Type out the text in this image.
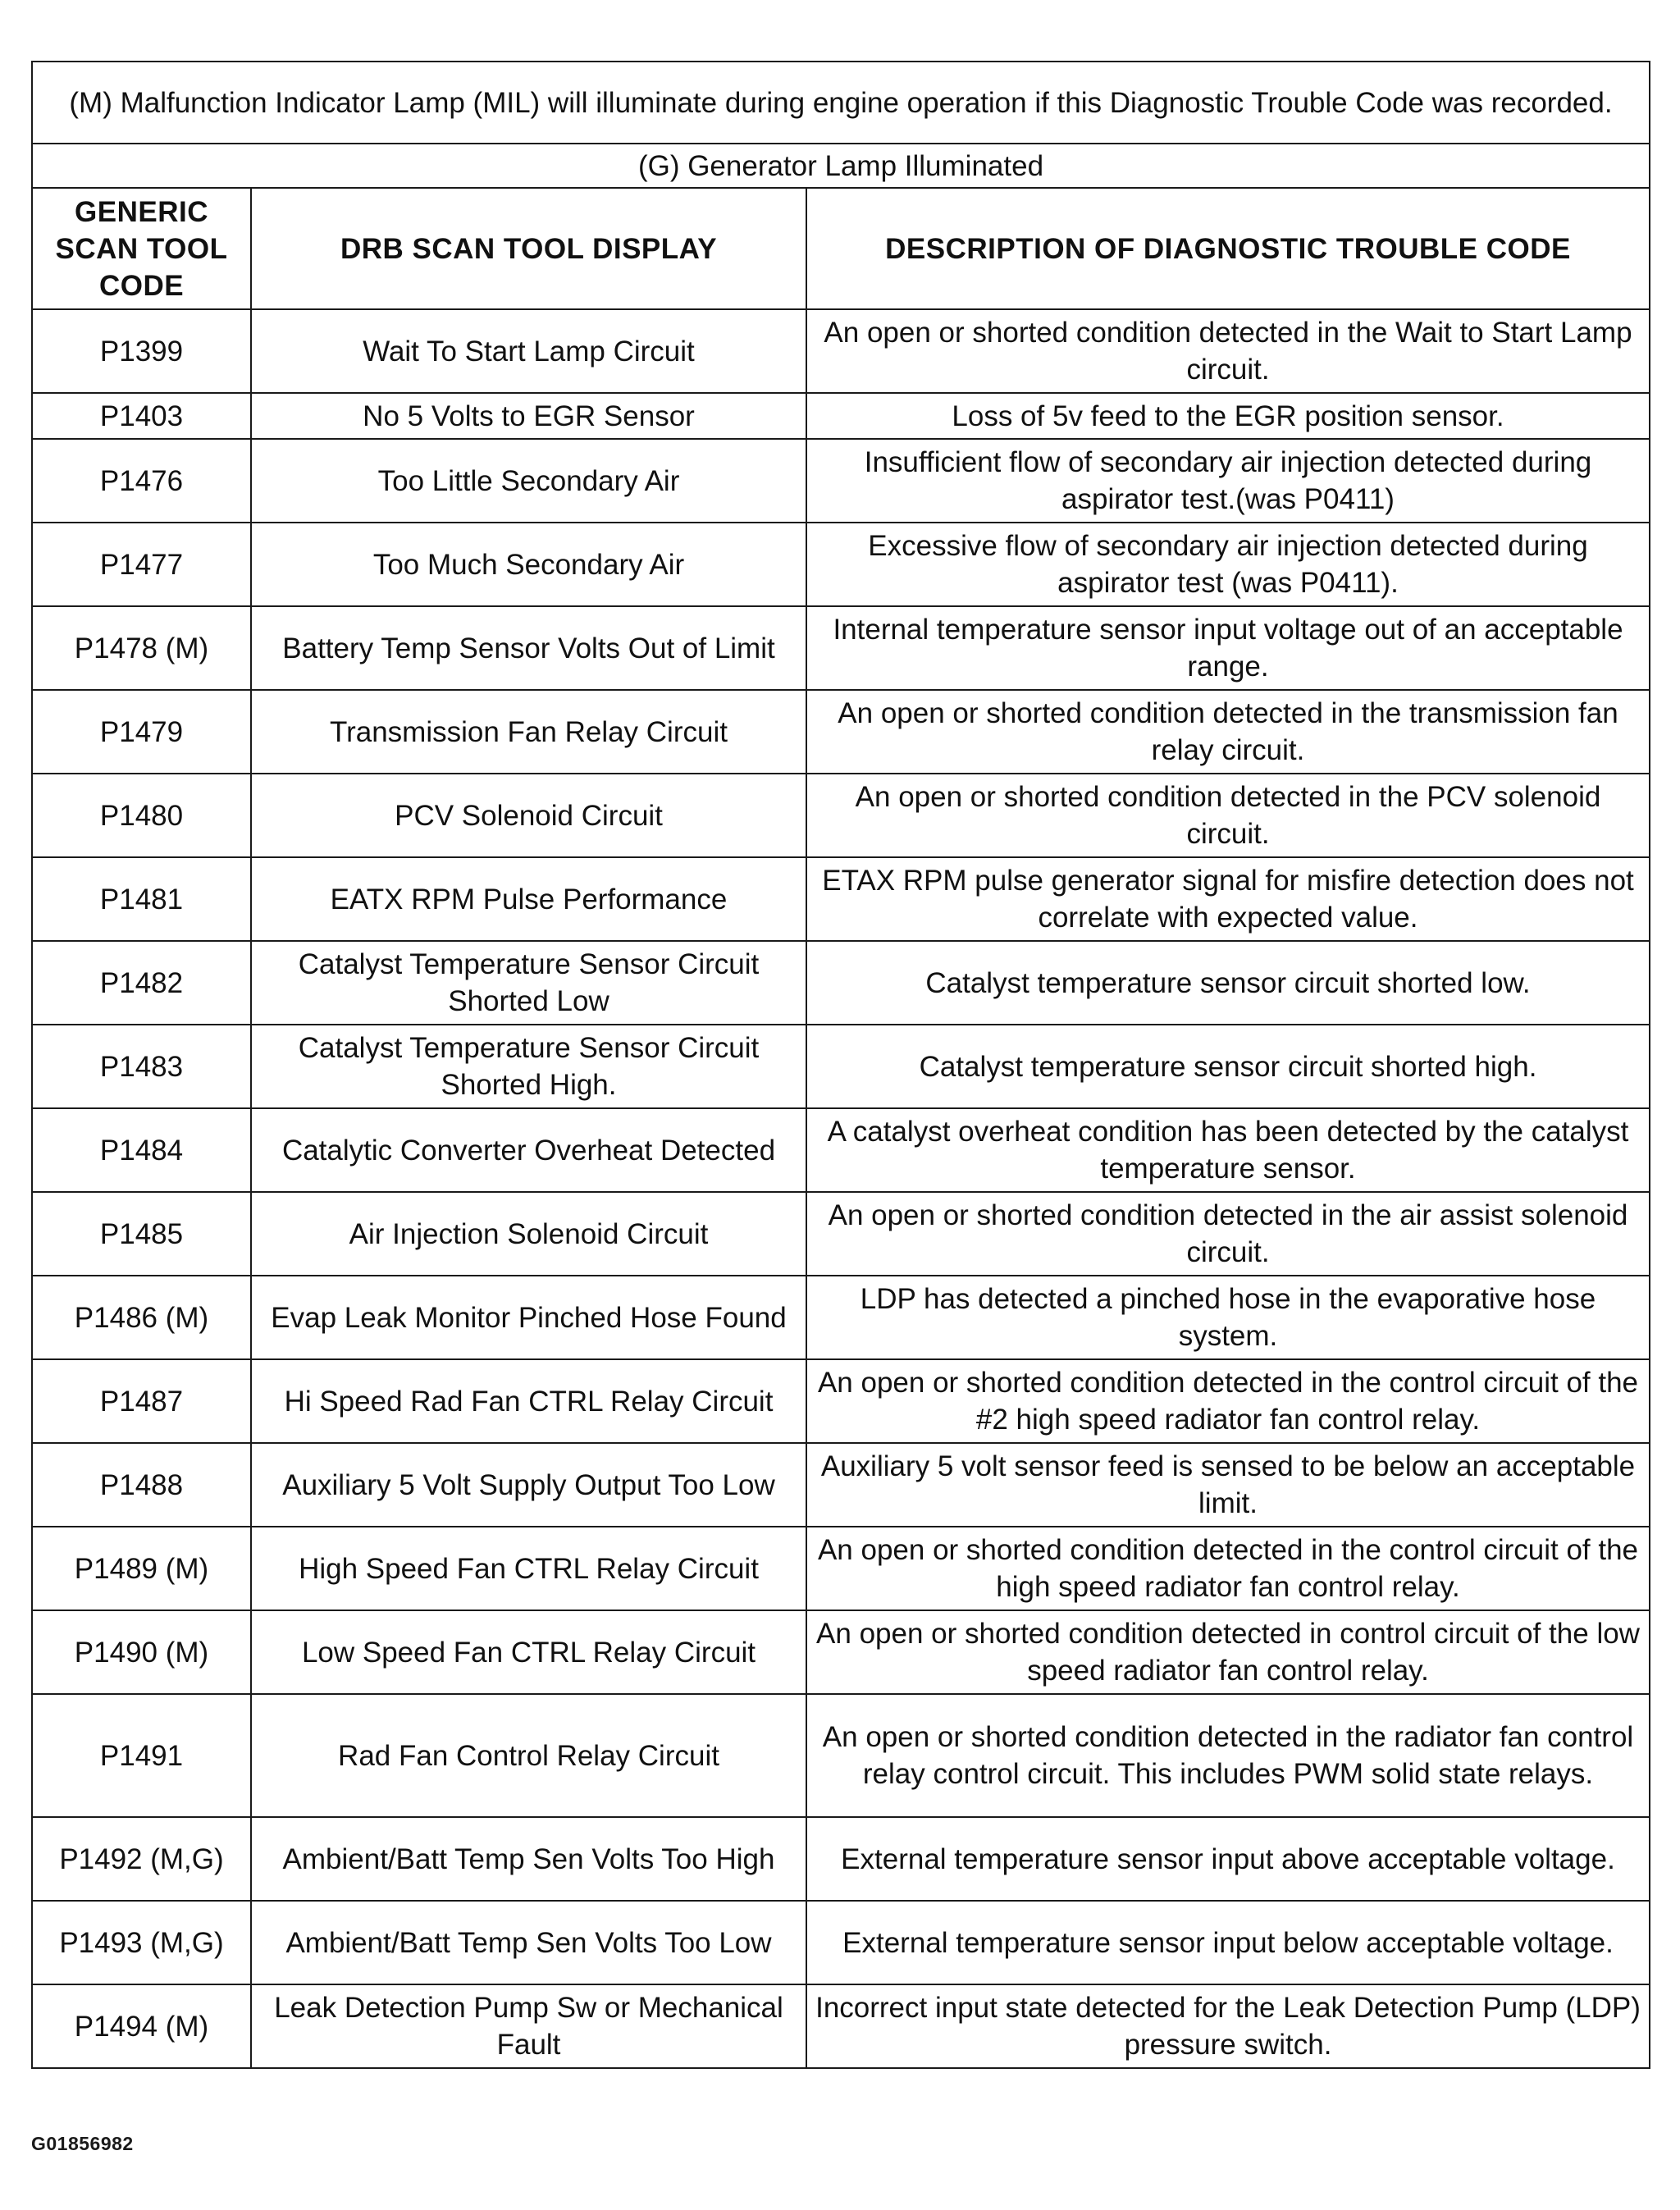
(M) Malfunction Indicator Lamp (MIL) will illuminate during engine operation if this Diagnostic Trouble Code was recorded.		
(G) Generator Lamp Illuminated		
GENERIC SCAN TOOL CODE	DRB SCAN TOOL DISPLAY	DESCRIPTION OF DIAGNOSTIC TROUBLE CODE
P1399	Wait To Start Lamp Circuit	An open or shorted condition detected in the Wait to Start Lamp circuit.
P1403	No 5 Volts to EGR Sensor	Loss of 5v feed to the EGR position sensor.
P1476	Too Little Secondary Air	Insufficient flow of secondary air injection detected during aspirator test.(was P0411)
P1477	Too Much Secondary Air	Excessive flow of secondary air injection detected during aspirator test (was P0411).
P1478 (M)	Battery Temp Sensor Volts Out of Limit	Internal temperature sensor input voltage out of an acceptable range.
P1479	Transmission Fan Relay Circuit	An open or shorted condition detected in the transmission fan relay circuit.
P1480	PCV Solenoid Circuit	An open or shorted condition detected in the PCV solenoid circuit.
P1481	EATX RPM Pulse Performance	ETAX RPM pulse generator signal for misfire detection does not correlate with expected value.
P1482	Catalyst Temperature Sensor Circuit Shorted Low	Catalyst temperature sensor circuit shorted low.
P1483	Catalyst Temperature Sensor Circuit Shorted High.	Catalyst temperature sensor circuit shorted high.
P1484	Catalytic Converter Overheat Detected	A catalyst overheat condition has been detected by the catalyst temperature sensor.
P1485	Air Injection Solenoid Circuit	An open or shorted condition detected in the air assist solenoid circuit.
P1486 (M)	Evap Leak Monitor Pinched Hose Found	LDP has detected a pinched hose in the evaporative hose system.
P1487	Hi Speed Rad Fan CTRL Relay Circuit	An open or shorted condition detected in the control circuit of the #2 high speed radiator fan control relay.
P1488	Auxiliary 5 Volt Supply Output Too Low	Auxiliary 5 volt sensor feed is sensed to be below an acceptable limit.
P1489 (M)	High Speed Fan CTRL Relay Circuit	An open or shorted condition detected in the control circuit of the high speed radiator fan control relay.
P1490 (M)	Low Speed Fan CTRL Relay Circuit	An open or shorted condition detected in control circuit of the low speed radiator fan control relay.
P1491	Rad Fan Control Relay Circuit	An open or shorted condition detected in the radiator fan control relay control circuit. This includes PWM solid state relays.
P1492 (M,G)	Ambient/Batt Temp Sen Volts Too High	External temperature sensor input above acceptable voltage.
P1493 (M,G)	Ambient/Batt Temp Sen Volts Too Low	External temperature sensor input below acceptable voltage.
P1494 (M)	Leak Detection Pump Sw or Mechanical Fault	Incorrect input state detected for the Leak Detection Pump (LDP) pressure switch.
G01856982
